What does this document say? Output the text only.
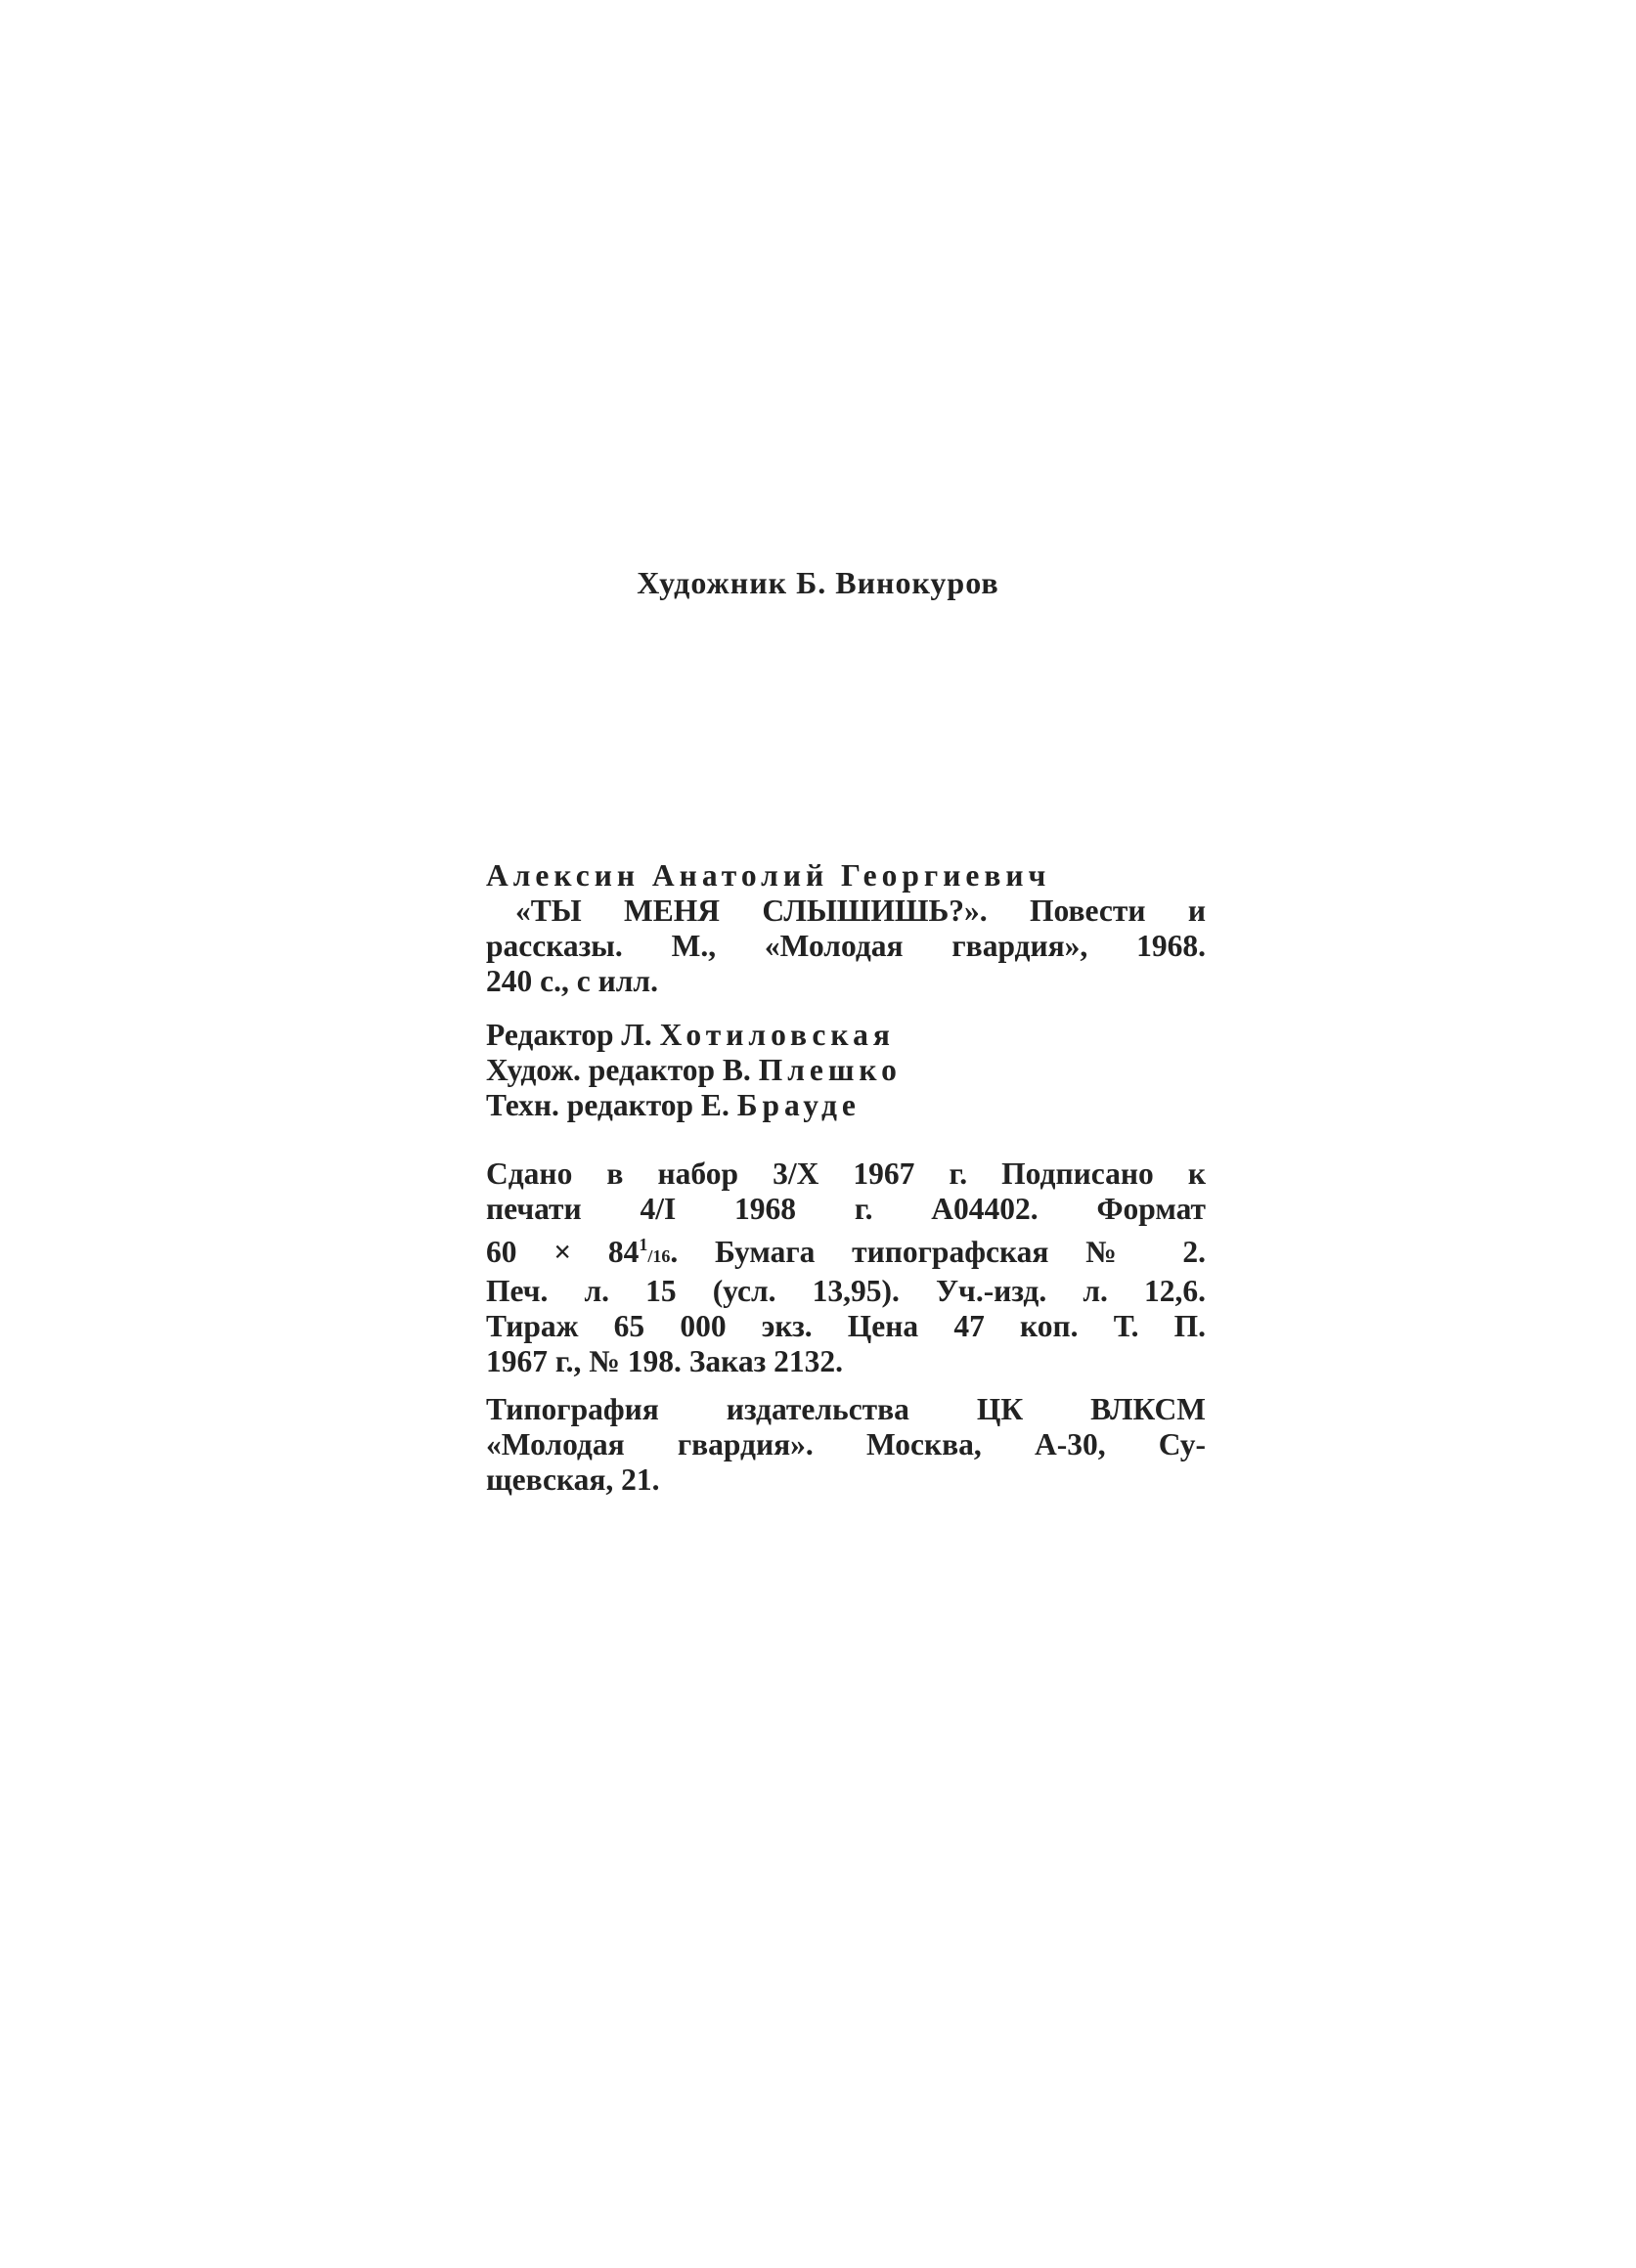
Художник Б. Винокуров
Алексин Анатолий Георгиевич
«ТЫ МЕНЯ СЛЫШИШЬ?». Повести и
рассказы. М., «Молодая гвардия», 1968.
240 с., с илл.
Редактор Л. Хотиловская
Худож. редактор В. Плешко
Техн. редактор Е. Брауде
Сдано в набор 3/X 1967 г. Подписано к
печати 4/I 1968 г. А04402. Формат
$60 \times 84^1/16$. Бумага типографская № 2.
Печ. л. 15 (усл. 13,95). Уч.-изд. л. 12,6.
Тираж 65 000 экз. Цена 47 коп. Т. П.
1967 г., № 198. Заказ 2132.
Типография издательства ЦК ВЛКСМ
«Молодая гвардия». Москва, А-30, Су-
щевская, 21.
